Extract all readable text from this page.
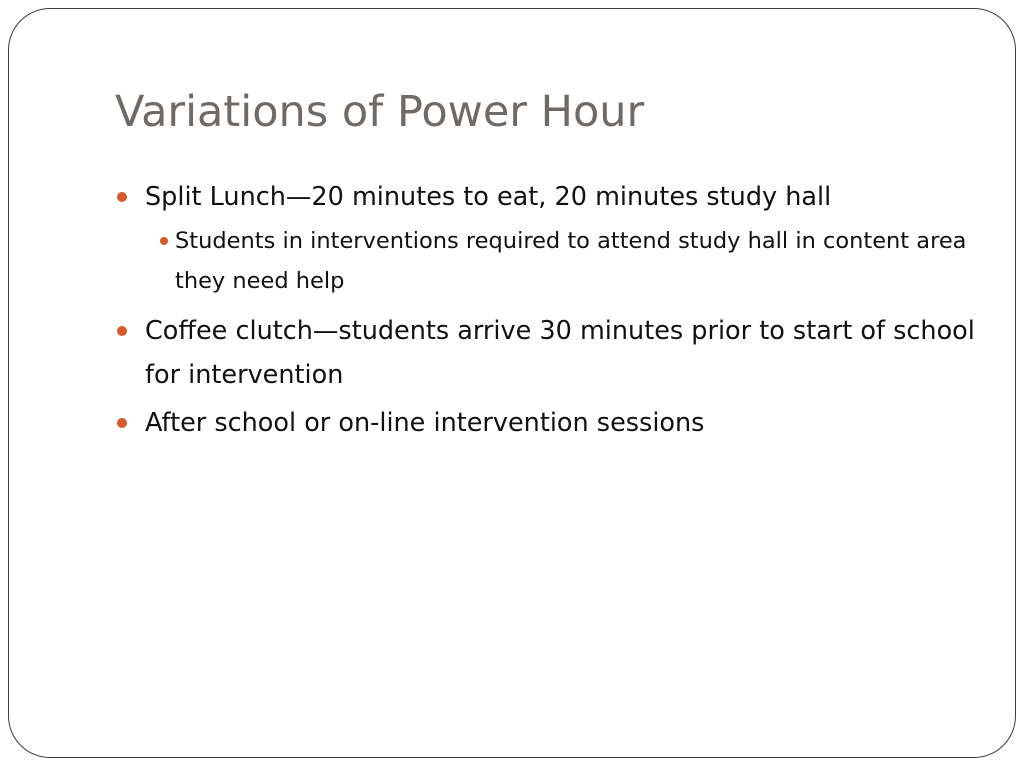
Variations of Power Hour
Split Lunch—20 minutes to eat, 20 minutes study hall
Students in interventions required to attend study hall in content area they need help
Coffee clutch—students arrive 30 minutes prior to start of school for intervention
After school or on-line intervention sessions
